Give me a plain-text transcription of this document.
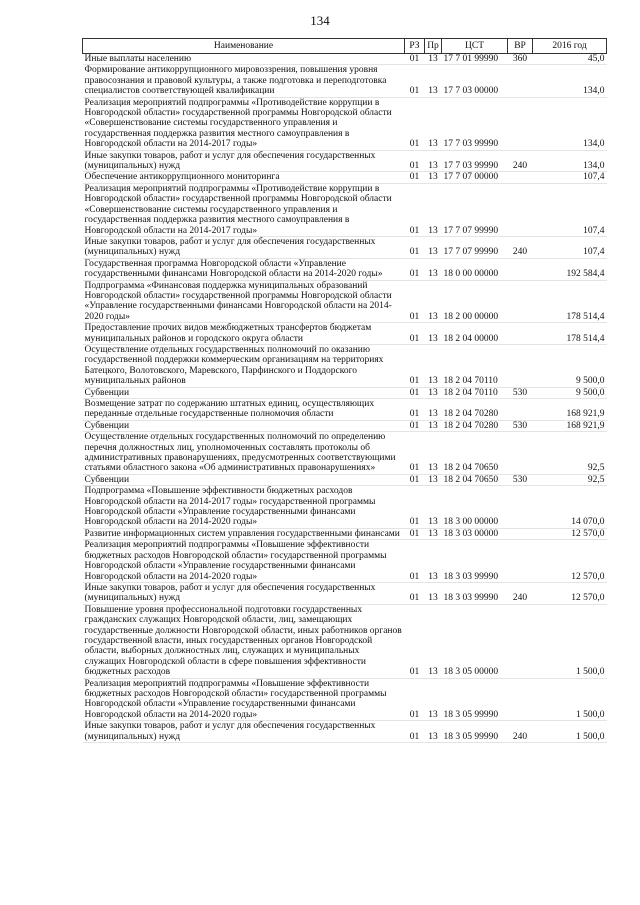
134
Наименование	РЗ	Пр	ЦСТ	ВР	2016 год
Иные выплаты населению	01	13	17 7 01 99990	360	45,0
Формирование антикоррупционного мировоззрения, повышения уровня правосознания и правовой культуры, а также подготовка и переподготовка специалистов соответствующей квалификации	01	13	17 7 03 00000		134,0
Реализация мероприятий подпрограммы «Противодействие коррупции в Новгородской области» государственной программы Новгородской области «Совершенствование системы государственного управления и государственная поддержка развития местного самоуправления в Новгородской области на 2014-2017 годы»	01	13	17 7 03 99990		134,0
Иные закупки товаров, работ и услуг для обеспечения государственных (муниципальных) нужд	01	13	17 7 03 99990	240	134,0
Обеспечение антикоррупционного мониторинга	01	13	17 7 07 00000		107,4
Реализация мероприятий подпрограммы «Противодействие коррупции в Новгородской области» государственной программы Новгородской области «Совершенствование системы государственного управления и государственная поддержка развития местного самоуправления в Новгородской области на 2014-2017 годы»	01	13	17 7 07 99990		107,4
Иные закупки товаров, работ и услуг для обеспечения государственных (муниципальных) нужд	01	13	17 7 07 99990	240	107,4
Государственная программа Новгородской области «Управление государственными финансами Новгородской области на 2014-2020 годы»	01	13	18 0 00 00000		192 584,4
Подпрограмма «Финансовая поддержка муниципальных образований Новгородской области» государственной программы Новгородской области «Управление государственными финансами Новгородской области на 2014-2020 годы»	01	13	18 2 00 00000		178 514,4
Предоставление прочих видов межбюджетных трансфертов бюджетам муниципальных районов и городского округа области	01	13	18 2 04 00000		178 514,4
Осуществление отдельных государственных полномочий по оказанию государственной поддержки коммерческим организациям на территориях Батецкого, Волотовского, Маревского, Парфинского и Поддорского муниципальных районов	01	13	18 2 04 70110		9 500,0
Субвенции	01	13	18 2 04 70110	530	9 500,0
Возмещение затрат по содержанию штатных единиц, осуществляющих переданные отдельные государственные полномочия области	01	13	18 2 04 70280		168 921,9
Субвенции	01	13	18 2 04 70280	530	168 921,9
Осуществление отдельных государственных полномочий по определению перечня должностных лиц, уполномоченных составлять протоколы об административных правонарушениях, предусмотренных соответствующими статьями областного закона «Об административных правонарушениях»	01	13	18 2 04 70650		92,5
Субвенции	01	13	18 2 04 70650	530	92,5
Подпрограмма «Повышение эффективности бюджетных расходов Новгородской области на 2014-2017 годы» государственной программы Новгородской области «Управление государственными финансами Новгородской области на 2014-2020 годы»	01	13	18 3 00 00000		14 070,0
Развитие информационных систем управления государственными финансами	01	13	18 3 03 00000		12 570,0
Реализация мероприятий подпрограммы «Повышение эффективности бюджетных расходов Новгородской области» государственной программы Новгородской области «Управление государственными финансами Новгородской области на 2014-2020 годы»	01	13	18 3 03 99990		12 570,0
Иные закупки товаров, работ и услуг для обеспечения государственных (муниципальных) нужд	01	13	18 3 03 99990	240	12 570,0
Повышение уровня профессиональной подготовки государственных гражданских служащих Новгородской области, лиц, замещающих государственные должности Новгородской области, иных работников органов государственной власти, иных государственных органов Новгородской области, выборных должностных лиц, служащих и муниципальных служащих Новгородской области в сфере повышения эффективности бюджетных расходов	01	13	18 3 05 00000		1 500,0
Реализация мероприятий подпрограммы «Повышение эффективности бюджетных расходов Новгородской области» государственной программы Новгородской области «Управление государственными финансами Новгородской области на 2014-2020 годы»	01	13	18 3 05 99990		1 500,0
Иные закупки товаров, работ и услуг для обеспечения государственных (муниципальных) нужд	01	13	18 3 05 99990	240	1 500,0
